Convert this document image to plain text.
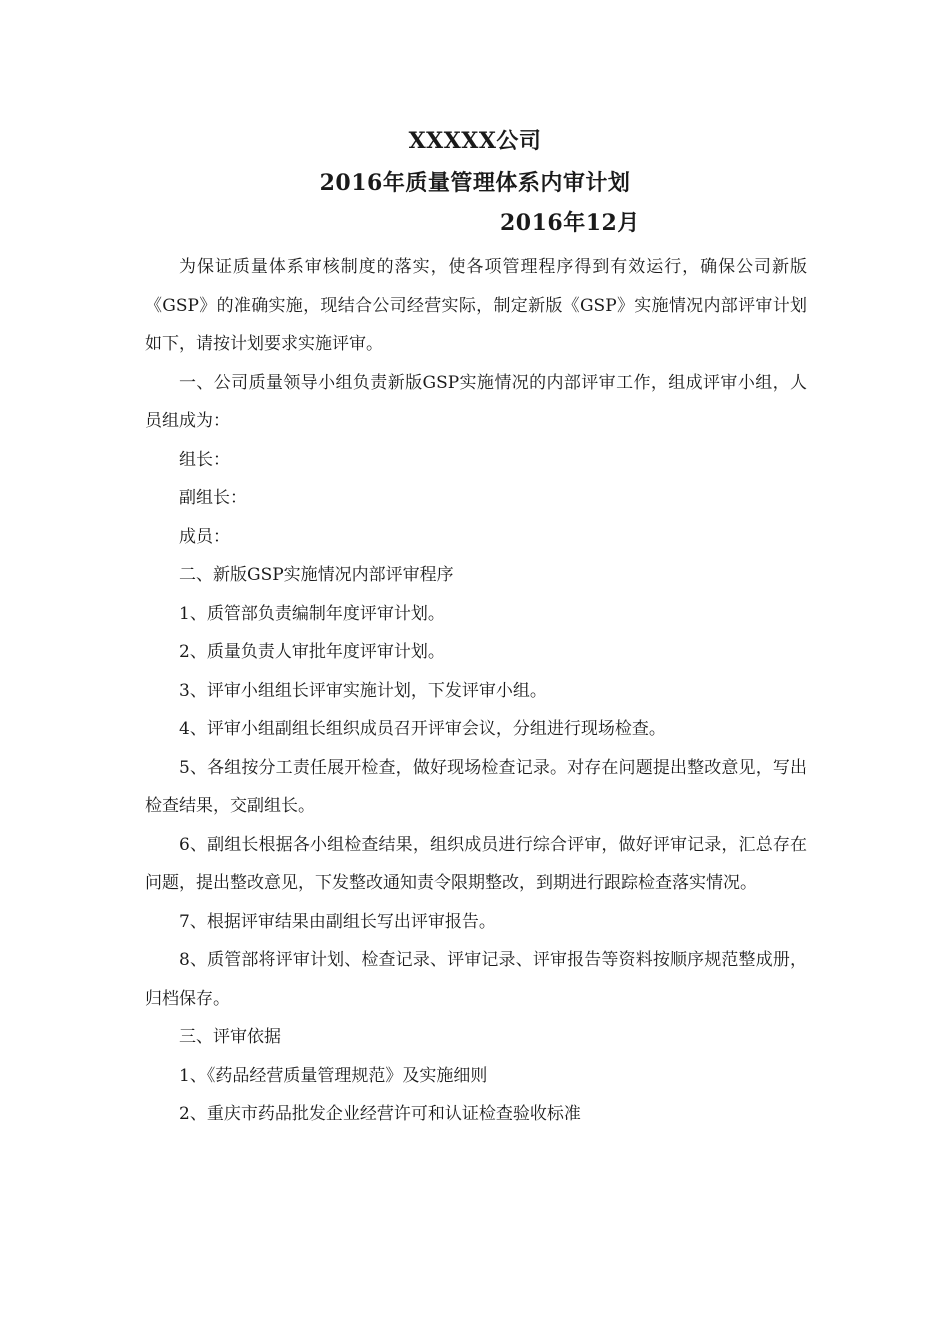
XXXXX公司
2016年质量管理体系内审计划
2016年12月

为保证质量体系审核制度的落实，使各项管理程序得到有效运行，确保公司新版《GSP》的准确实施，现结合公司经营实际，制定新版《GSP》实施情况内部评审计划如下，请按计划要求实施评审。

一、公司质量领导小组负责新版GSP实施情况的内部评审工作，组成评审小组，人员组成为：

组长：

副组长：

成员：

二、新版GSP实施情况内部评审程序

1、质管部负责编制年度评审计划。

2、质量负责人审批年度评审计划。

3、评审小组组长评审实施计划，下发评审小组。

4、评审小组副组长组织成员召开评审会议，分组进行现场检查。

5、各组按分工责任展开检查，做好现场检查记录。对存在问题提出整改意见，写出检查结果，交副组长。

6、副组长根据各小组检查结果，组织成员进行综合评审，做好评审记录，汇总存在问题，提出整改意见，下发整改通知责令限期整改，到期进行跟踪检查落实情况。

7、根据评审结果由副组长写出评审报告。

8、质管部将评审计划、检查记录、评审记录、评审报告等资料按顺序规范整成册，归档保存。

三、评审依据

1、《药品经营质量管理规范》及实施细则

2、重庆市药品批发企业经营许可和认证检查验收标准
